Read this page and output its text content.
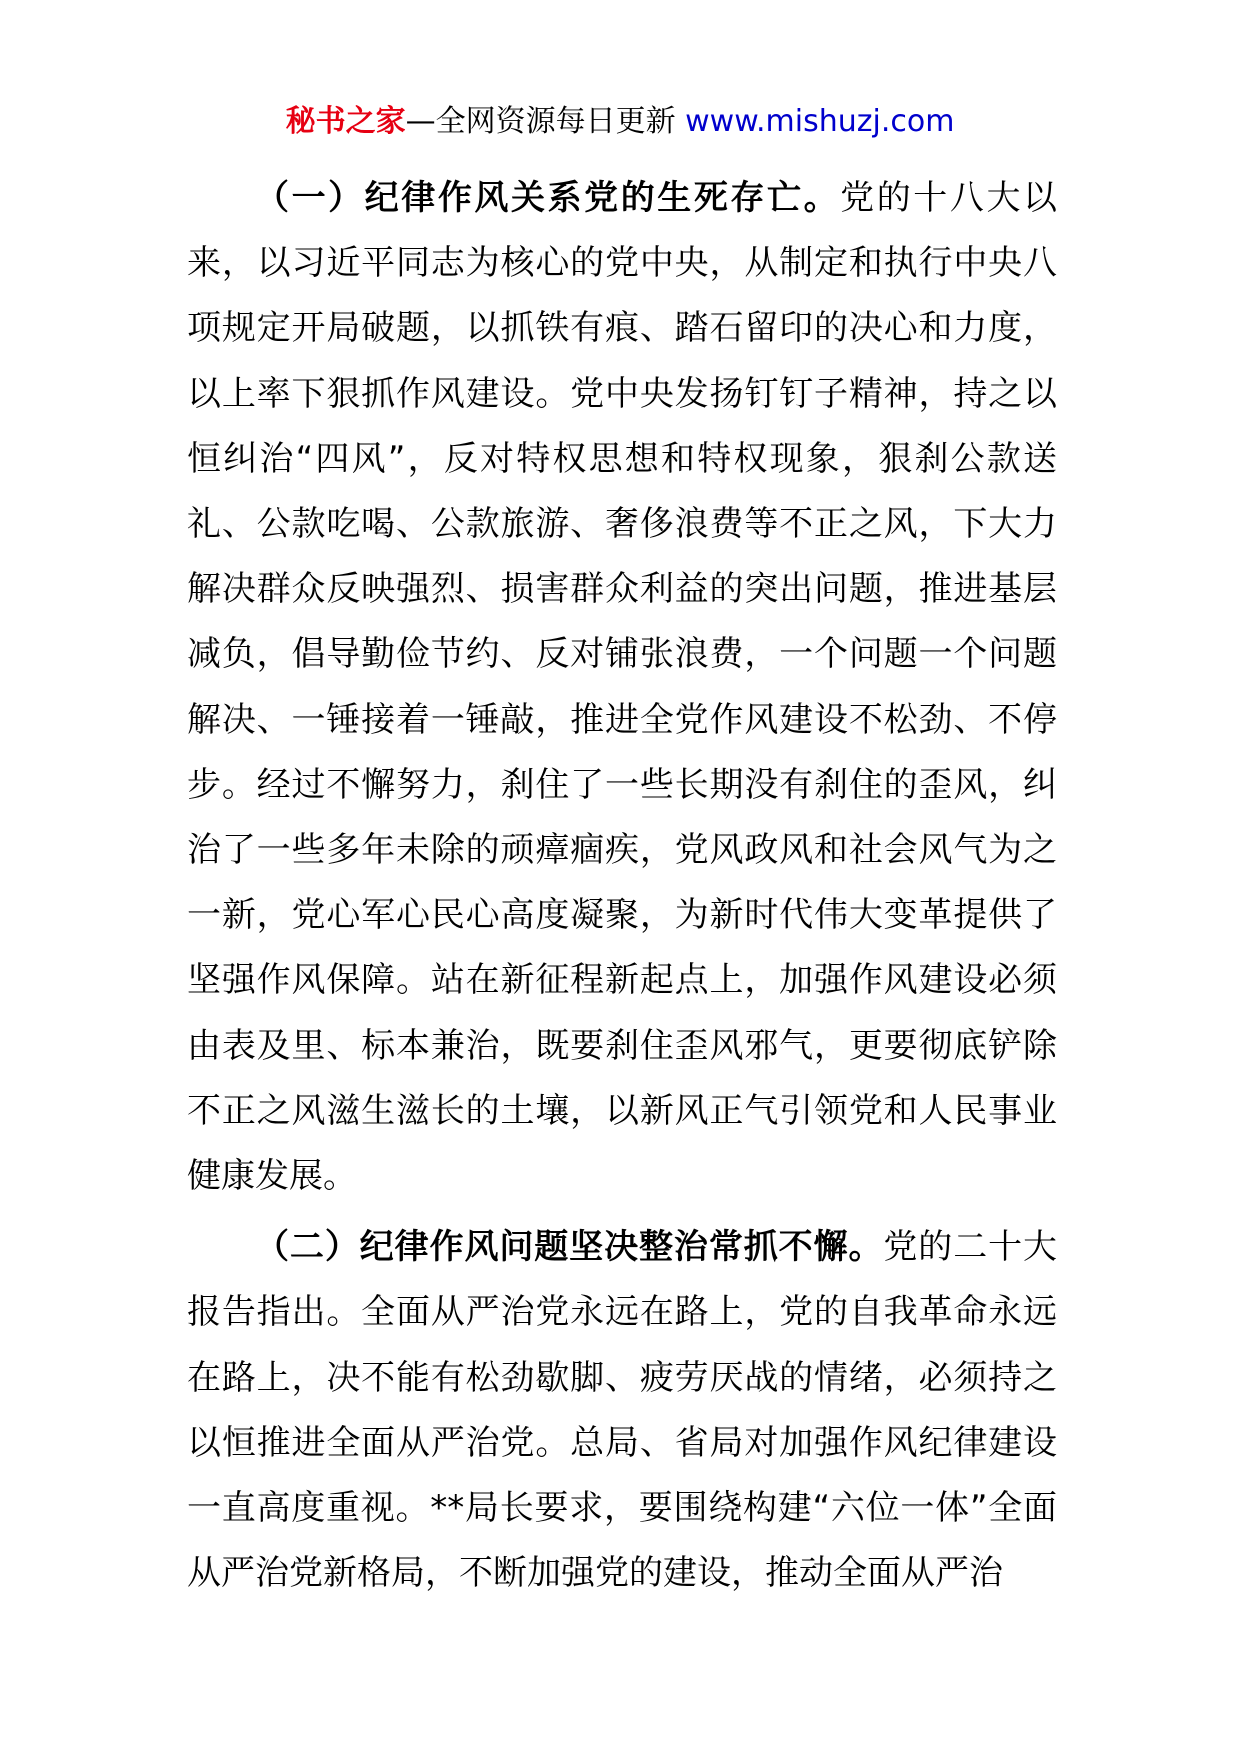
秘书之家—全网资源每日更新 www.mishuzj.com

（一）纪律作风关系党的生死存亡。党的十八大以来，以习近平同志为核心的党中央，从制定和执行中央八项规定开局破题，以抓铁有痕、踏石留印的决心和力度，以上率下狠抓作风建设。党中央发扬钉钉子精神，持之以恒纠治“四风”，反对特权思想和特权现象，狠刹公款送礼、公款吃喝、公款旅游、奢侈浪费等不正之风，下大力解决群众反映强烈、损害群众利益的突出问题，推进基层减负，倡导勤俭节约、反对铺张浪费，一个问题一个问题解决、一锤接着一锤敲，推进全党作风建设不松劲、不停步。经过不懈努力，刹住了一些长期没有刹住的歪风，纠治了一些多年未除的顽瘴痼疾，党风政风和社会风气为之一新，党心军心民心高度凝聚，为新时代伟大变革提供了坚强作风保障。站在新征程新起点上，加强作风建设必须由表及里、标本兼治，既要刹住歪风邪气，更要彻底铲除不正之风滋生滋长的土壤，以新风正气引领党和人民事业健康发展。

（二）纪律作风问题坚决整治常抓不懈。党的二十大报告指出。全面从严治党永远在路上，党的自我革命永远在路上，决不能有松劲歇脚、疲劳厌战的情绪，必须持之以恒推进全面从严治党。总局、省局对加强作风纪律建设一直高度重视。**局长要求，要围绕构建“六位一体”全面从严治党新格局，不断加强党的建设，推动全面从严治
